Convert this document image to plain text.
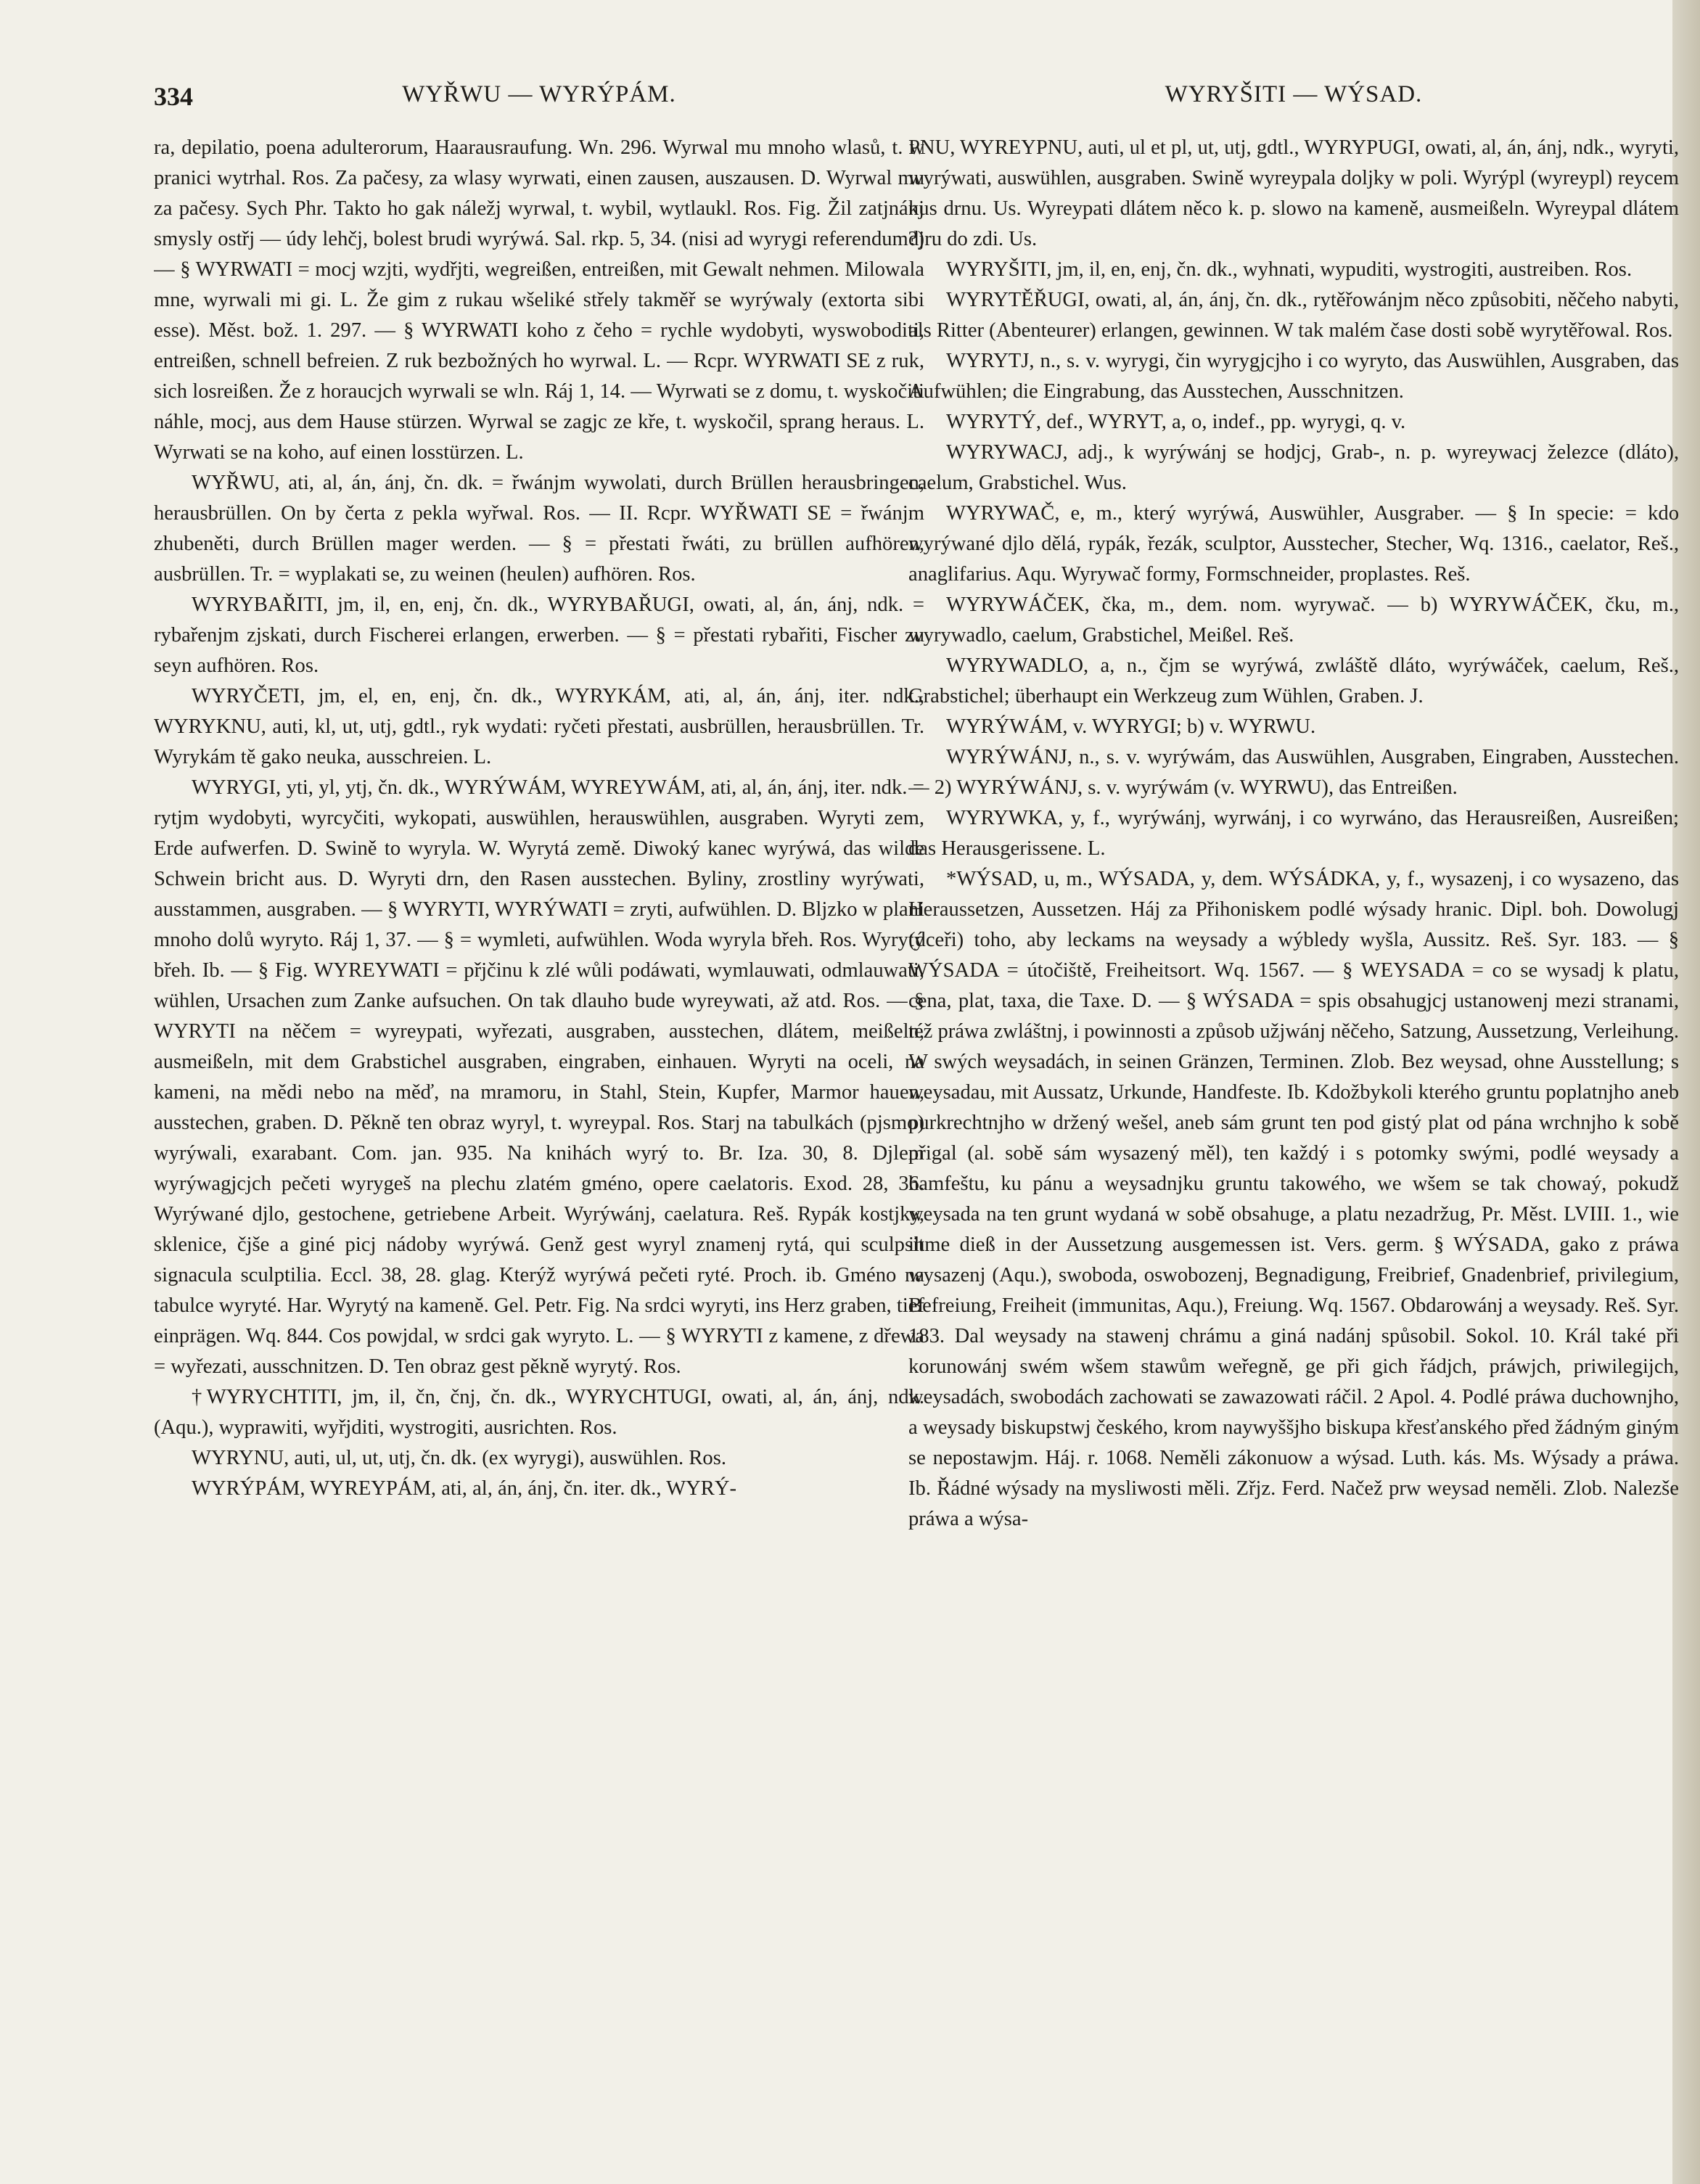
334	WYŘWU — WYRÝPÁM.	WYRYŠITI — WÝSAD.

ra, depilatio, poena adulterorum, Haarausraufung. Wn. 296. Wyrwal mu mnoho wlasů, t. w pranici wytrhal. Ros. Za pačesy, za wlasy wyrwati, einen zausen, auszausen. D. Wyrwal mu za pačesy. Sych Phr. Takto ho gak náležj wyrwal, t. wybil, wytlaukl. Ros. Fig. Žil zatjnánj smysly ostřj — údy lehčj, bolest brudi wyrýwá. Sal. rkp. 5, 34. (nisi ad wyrygi referendum?) — § WYRWATI = mocj wzjti, wydřjti, wegreißen, entreißen, mit Gewalt nehmen. Milowala mne, wyrwali mi gi. L. Že gim z rukau wšeliké střely takměř se wyrýwaly (extorta sibi esse). Měst. bož. 1. 297. — § WYRWATI koho z čeho = rychle wydobyti, wyswoboditi, entreißen, schnell befreien. Z ruk bezbožných ho wyrwal. L. — Rcpr. WYRWATI SE z ruk, sich losreißen. Že z horaucjch wyrwali se wln. Ráj 1, 14. — Wyrwati se z domu, t. wyskočiti náhle, mocj, aus dem Hause stürzen. Wyrwal se zagjc ze kře, t. wyskočil, sprang heraus. L. Wyrwati se na koho, auf einen losstürzen. L.

WYŘWU, ati, al, án, ánj, čn. dk. = řwánjm wywolati, durch Brüllen herausbringen, herausbrüllen. On by čerta z pekla wyřwal. Ros. — II. Rcpr. WYŘWATI SE = řwánjm zhubeněti, durch Brüllen mager werden. — § = přestati řwáti, zu brüllen aufhören, ausbrüllen. Tr. = wyplakati se, zu weinen (heulen) aufhören. Ros.

WYRYBAŘITI, jm, il, en, enj, čn. dk., WYRYBAŘUGI, owati, al, án, ánj, ndk. = rybařenjm zjskati, durch Fischerei erlangen, erwerben. — § = přestati rybařiti, Fischer zu seyn aufhören. Ros.

WYRYČETI, jm, el, en, enj, čn. dk., WYRYKÁM, ati, al, án, ánj, iter. ndk., WYRYKNU, auti, kl, ut, utj, gdtl., ryk wydati: ryčeti přestati, ausbrüllen, herausbrüllen. Tr. Wyrykám tě gako neuka, ausschreien. L.

WYRYGI, yti, yl, ytj, čn. dk., WYRÝWÁM, WYREYWÁM, ati, al, án, ánj, iter. ndk. = rytjm wydobyti, wyrcyčiti, wykopati, auswühlen, herauswühlen, ausgraben. Wyryti zem, Erde aufwerfen. D. Swině to wyryla. W. Wyrytá země. Diwoký kanec wyrýwá, das wilde Schwein bricht aus. D. Wyryti drn, den Rasen ausstechen. Byliny, zrostliny wyrýwati, ausstammen, ausgraben. — § WYRYTI, WYRÝWATI = zryti, aufwühlen. D. Blјzko w plani mnoho dolů wyryto. Ráj 1, 37. — § = wymleti, aufwühlen. Woda wyryla břeh. Ros. Wyrytý břeh. Ib. — § Fig. WYREYWATI = přjčinu k zlé wůli podáwati, wymlauwati, odmlauwati, wühlen, Ursachen zum Zanke aufsuchen. On tak dlauho bude wyreywati, až atd. Ros. — § WYRYTI na něčem = wyreypati, wyřezati, ausgraben, ausstechen, dlátem, meißeln, ausmeißeln, mit dem Grabstichel ausgraben, eingraben, einhauen. Wyryti na oceli, na kameni, na mědi nebo na měď, na mramoru, in Stahl, Stein, Kupfer, Marmor hauen, ausstechen, graben. D. Pěkně ten obraz wyryl, t. wyreypal. Ros. Starj na tabulkách (pjsmo) wyrýwali, exarabant. Com. jan. 935. Na knihách wyrý to. Br. Iza. 30, 8. Djlem wyrýwagjcjch pečeti wyrygeš na plechu zlatém gméno, opere caelatoris. Exod. 28, 36. Wyrýwané djlo, gestochene, getriebene Arbeit. Wyrýwánj, caelatura. Reš. Rypák kostjky, sklenice, čjše a giné picj nádoby wyrýwá. Genž gest wyryl znamenj rytá, qui sculpsit signacula sculptilia. Eccl. 38, 28. glag. Kterýž wyrýwá pečeti ryté. Proch. ib. Gméno na tabulce wyryté. Har. Wyrytý na kameně. Gel. Petr. Fig. Na srdci wyryti, ins Herz graben, tief einprägen. Wq. 844. Cos powjdal, w srdci gak wyryto. L. — § WYRYTI z kamene, z dřewa = wyřezati, ausschnitzen. D. Ten obraz gest pěkně wyrytý. Ros.

†WYRYCHTITI, jm, il, čn, čnj, čn. dk., WYRYCHTUGI, owati, al, án, ánj, ndk. (Aqu.), wyprawiti, wyřjditi, wystrogiti, ausrichten. Ros.

WYRYNU, auti, ul, ut, utj, čn. dk. (ex wyrygi), auswühlen. Ros.

WYRÝPÁM, WYREYPÁM, ati, al, án, ánj, čn. iter. dk., WYRÝ-

PNU, WYREYPNU, auti, ul et pl, ut, utj, gdtl., WYRYPUGI, owati, al, án, ánj, ndk., wyryti, wyrýwati, auswühlen, ausgraben. Swině wyreypala doljky w poli. Wyrýpl (wyreypl) reycem kus drnu. Us. Wyreypati dlátem něco k. p. slowo na kameně, ausmeißeln. Wyreypal dlátem djru do zdi. Us.

WYRYŠITI, jm, il, en, enj, čn. dk., wyhnati, wypuditi, wystrogiti, austreiben. Ros.

WYRYTĚŘUGI, owati, al, án, ánj, čn. dk., rytěřowánjm něco způsobiti, něčeho nabyti, als Ritter (Abenteurer) erlangen, gewinnen. W tak malém čase dosti sobě wyrytěřowal. Ros.

WYRYTJ, n., s. v. wyrygi, čin wyrygjcjho i co wyryto, das Auswühlen, Ausgraben, das Aufwühlen; die Eingrabung, das Ausstechen, Ausschnitzen.

WYRYTÝ, def., WYRYT, a, o, indef., pp. wyrygi, q. v.

WYRYWACJ, adj., k wyrýwánj se hodjcj, Grab-, n. p. wyreywacj železce (dláto), caelum, Grabstichel. Wus.

WYRYWAČ, e, m., který wyrýwá, Auswühler, Ausgraber. — § In specie: = kdo wyrýwané djlo dělá, rypák, řezák, sculptor, Ausstecher, Stecher, Wq. 1316., caelator, Reš., anaglifarius. Aqu. Wyrywač formy, Formschneider, proplastes. Reš.

WYRYWÁČEK, čka, m., dem. nom. wyrywač. — b) WYRYWÁČEK, čku, m., wyrywadlo, caelum, Grabstichel, Meißel. Reš.

WYRYWADLO, a, n., čjm se wyrýwá, zwláště dláto, wyrýwáček, caelum, Reš., Grabstichel; überhaupt ein Werkzeug zum Wühlen, Graben. J.

WYRÝWÁM, v. WYRYGI; b) v. WYRWU.

WYRÝWÁNJ, n., s. v. wyrýwám, das Auswühlen, Ausgraben, Eingraben, Ausstechen. — 2) WYRÝWÁNJ, s. v. wyrýwám (v. WYRWU), das Entreißen.

WYRYWKA, y, f., wyrýwánj, wyrwánj, i co wyrwáno, das Herausreißen, Ausreißen; das Herausgerissene. L.

*WÝSAD, u, m., WÝSADA, y, dem. WÝSÁDKA, y, f., wysazenj, i co wysazeno, das Heraussetzen, Aussetzen. Háj za Přihoniskem podlé wýsady hranic. Dipl. boh. Dowolugj (dceři) toho, aby leckams na weysady a wýbledy wyšla, Aussitz. Reš. Syr. 183. — § WÝSADA = útočiště, Freiheitsort. Wq. 1567. — § WEYSADA = co se wysadj k platu, cena, plat, taxa, die Taxe. D. — § WÝSADA = spis obsahugjcj ustanowenj mezi stranami, též práwa zwláštnj, i powinnosti a způsob užjwánj něčeho, Satzung, Aussetzung, Verleihung. W swých weysadách, in seinen Gränzen, Terminen. Zlob. Bez weysad, ohne Ausstellung; s weysadau, mit Aussatz, Urkunde, Handfeste. Ib. Kdožbykoli kterého gruntu poplatnjho aneb purkrechtnjho w držený wešel, aneb sám grunt ten pod gistý plat od pána wrchnjho k sobě přigal (al. sobě sám wysazený měl), ten každý i s potomky swými, podlé weysady a hamfeštu, ku pánu a weysadnjku gruntu takowého, we wšem se tak chowaý, pokudž weysada na ten grunt wydaná w sobě obsahuge, a platu nezadržug, Pr. Měst. LVIII. 1., wie ihme dieß in der Aussetzung ausgemessen ist. Vers. germ. § WÝSADA, gako z práwa wysazenj (Aqu.), swoboda, oswobozenj, Begnadigung, Freibrief, Gnadenbrief, privilegium, Befreiung, Freiheit (immunitas, Aqu.), Freiung. Wq. 1567. Obdarowánj a weysady. Reš. Syr. 183. Dal weysady na stawenj chrámu a giná nadánj spůsobil. Sokol. 10. Král také při korunowánj swém wšem stawům weřegně, ge při gich řádjch, práwjch, priwilegijch, weysadách, swobodách zachowati se zawazowati ráčil. 2 Apol. 4. Podlé práwa duchownjho, a weysady biskupstwj českého, krom naywyššjho biskupa křesťanského před žádným giným se nepostawjm. Háj. r. 1068. Neměli zákonuow a wýsad. Luth. kás. Ms. Wýsady a práwa. Ib. Řádné wýsady na mysliwosti měli. Zřjz. Ferd. Načež prw weysad neměli. Zlob. Nalezše práwa a wýsa-
